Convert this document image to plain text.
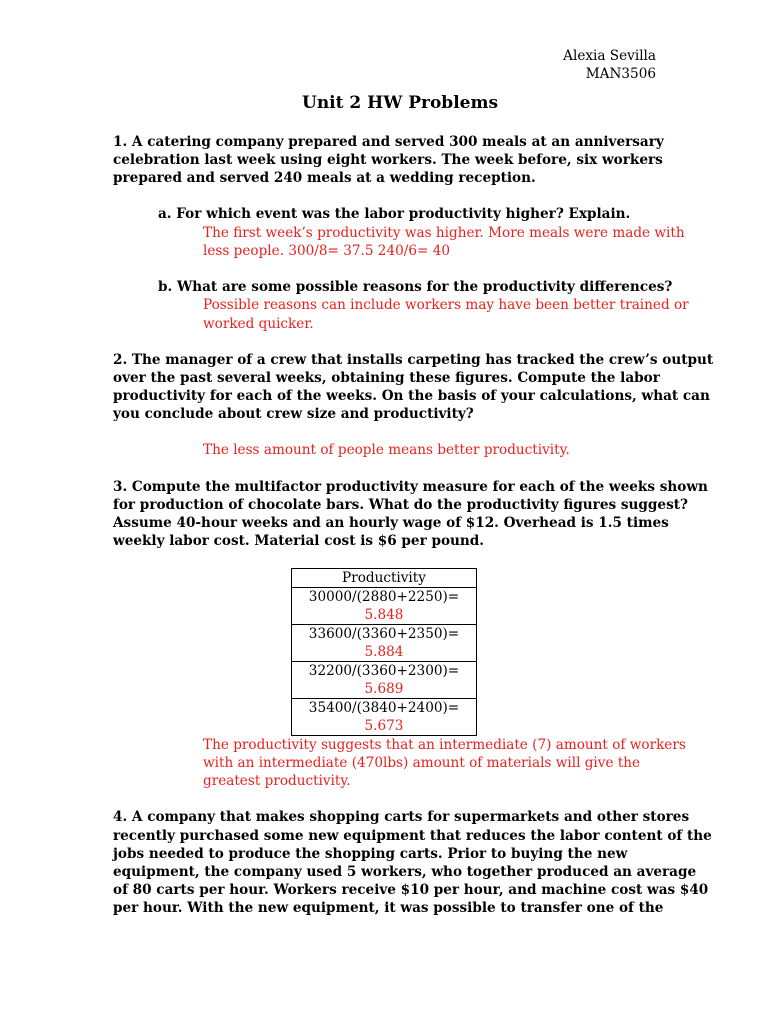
Alexia Sevilla
MAN3506
Unit 2 HW Problems
1. A catering company prepared and served 300 meals at an anniversary
celebration last week using eight workers. The week before, six workers
prepared and served 240 meals at a wedding reception.
a. For which event was the labor productivity higher? Explain.
The first week’s productivity was higher. More meals were made with
less people. 300/8= 37.5 240/6= 40
b. What are some possible reasons for the productivity differences?
Possible reasons can include workers may have been better trained or
worked quicker.
2. The manager of a crew that installs carpeting has tracked the crew’s output
over the past several weeks, obtaining these figures. Compute the labor
productivity for each of the weeks. On the basis of your calculations, what can
you conclude about crew size and productivity?
The less amount of people means better productivity.
3. Compute the multifactor productivity measure for each of the weeks shown
for production of chocolate bars. What do the productivity figures suggest?
Assume 40-hour weeks and an hourly wage of $12. Overhead is 1.5 times
weekly labor cost. Material cost is $6 per pound.
Productivity

30000/(2880+2250)=
5.848

33600/(3360+2350)=
5.884

32200/(3360+2300)=
5.689

35400/(3840+2400)=
5.673
The productivity suggests that an intermediate (7) amount of workers
with an intermediate (470lbs) amount of materials will give the
greatest productivity.
4. A company that makes shopping carts for supermarkets and other stores
recently purchased some new equipment that reduces the labor content of the
jobs needed to produce the shopping carts. Prior to buying the new
equipment, the company used 5 workers, who together produced an average
of 80 carts per hour. Workers receive $10 per hour, and machine cost was $40
per hour. With the new equipment, it was possible to transfer one of the
